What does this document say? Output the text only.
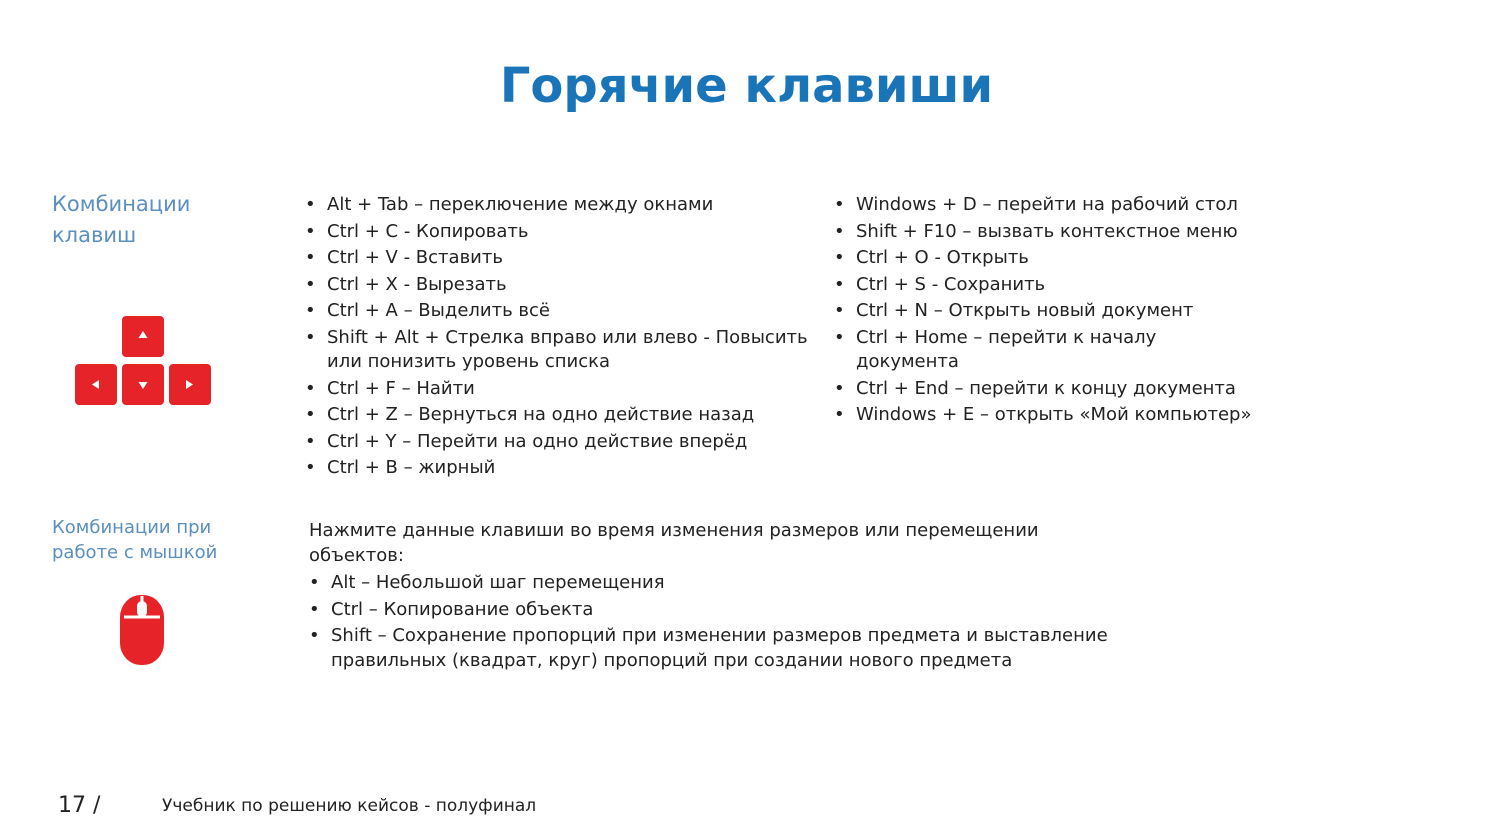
Горячие клавиши
Комбинации клавиш
• Alt + Tab – переключение между окнами
• Ctrl + C - Копировать
• Ctrl + V - Вставить
• Ctrl + X - Вырезать
• Ctrl + A – Выделить всё
• Shift + Alt + Стрелка вправо или влево - Повысить или понизить уровень списка
• Ctrl + F – Найти
• Ctrl + Z – Вернуться на одно действие назад
• Ctrl + Y – Перейти на одно действие вперёд
• Ctrl + B – жирный
• Windows + D – перейти на рабочий стол
• Shift + F10 – вызвать контекстное меню
• Ctrl + O - Открыть
• Ctrl + S - Сохранить
• Ctrl + N – Открыть новый документ
• Ctrl + Home – перейти к началу документа
• Ctrl + End – перейти к концу документа
• Windows + E – открыть «Мой компьютер»
Комбинации при работе с мышкой
Нажмите данные клавиши во время изменения размеров или перемещении объектов:
• Alt – Небольшой шаг перемещения
• Ctrl – Копирование объекта
• Shift – Сохранение пропорций при изменении размеров предмета и выставление правильных (квадрат, круг) пропорций при создании нового предмета
17 /	Учебник по решению кейсов - полуфинал
